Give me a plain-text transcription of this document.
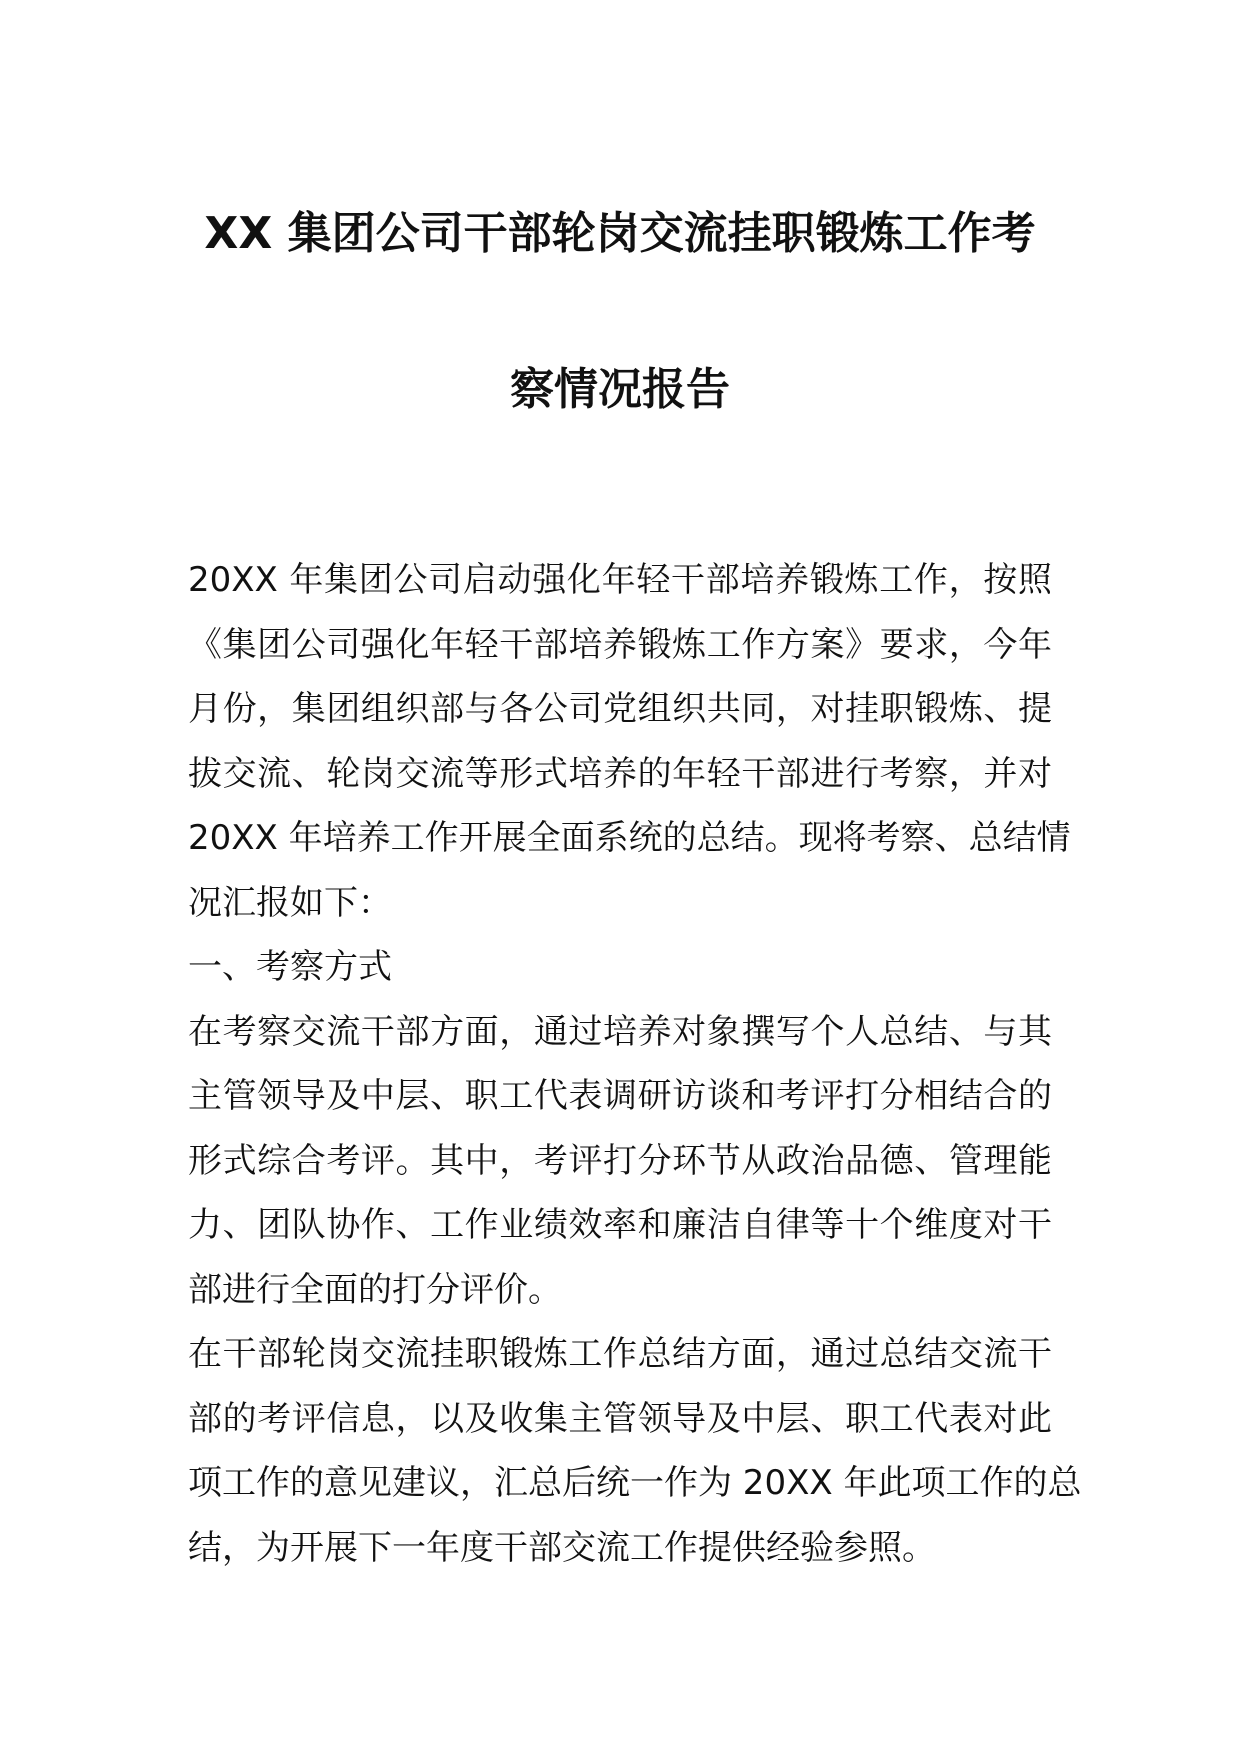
XX 集团公司干部轮岗交流挂职锻炼工作考
察情况报告
20XX 年集团公司启动强化年轻干部培养锻炼工作，按照
《集团公司强化年轻干部培养锻炼工作方案》要求，今年
月份，集团组织部与各公司党组织共同，对挂职锻炼、提
拔交流、轮岗交流等形式培养的年轻干部进行考察，并对
20XX 年培养工作开展全面系统的总结。现将考察、总结情
况汇报如下：
一、考察方式
在考察交流干部方面，通过培养对象撰写个人总结、与其
主管领导及中层、职工代表调研访谈和考评打分相结合的
形式综合考评。其中，考评打分环节从政治品德、管理能
力、团队协作、工作业绩效率和廉洁自律等十个维度对干
部进行全面的打分评价。
在干部轮岗交流挂职锻炼工作总结方面，通过总结交流干
部的考评信息，以及收集主管领导及中层、职工代表对此
项工作的意见建议，汇总后统一作为 20XX 年此项工作的总
结，为开展下一年度干部交流工作提供经验参照。
